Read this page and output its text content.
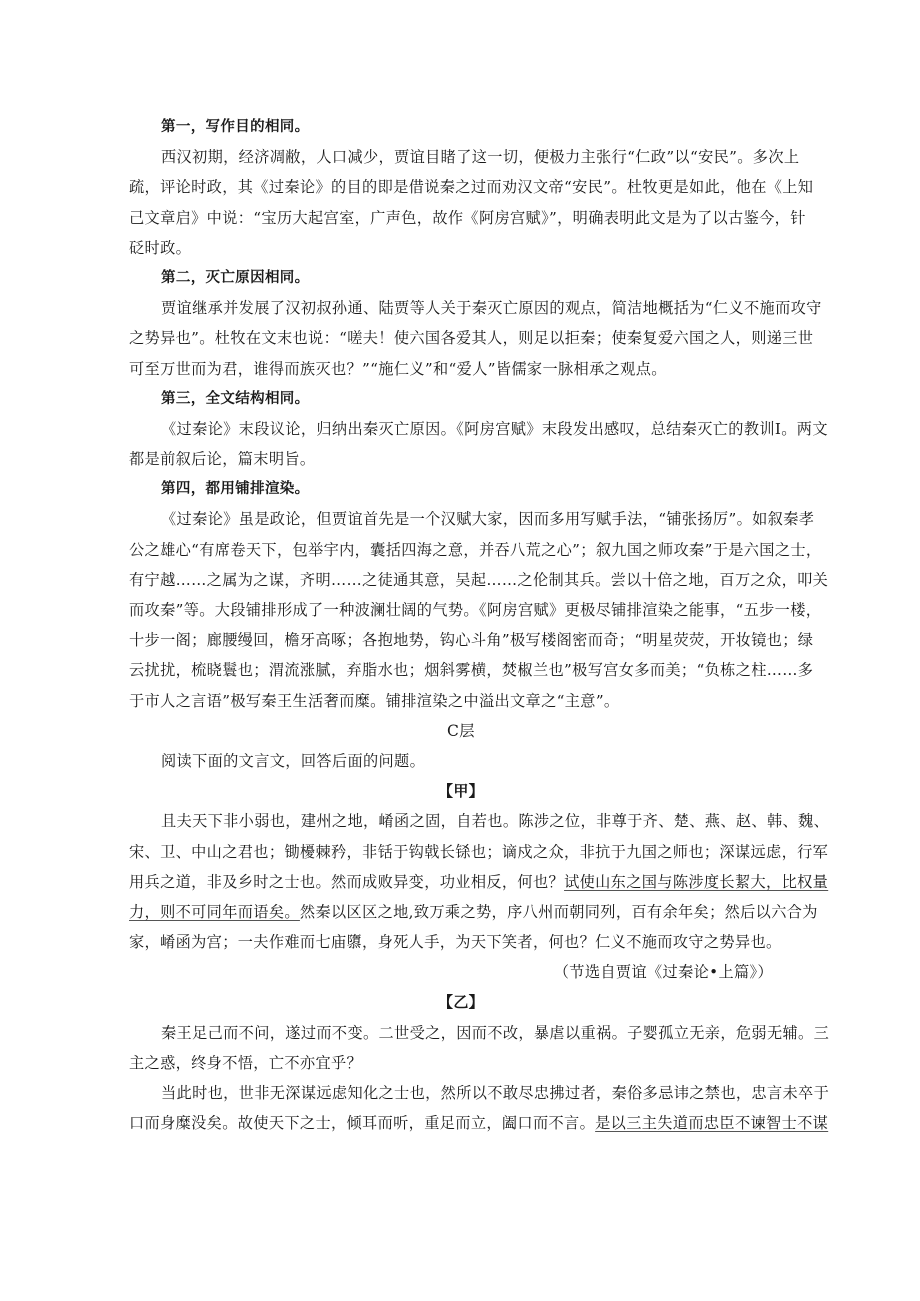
第一，写作目的相同。
西汉初期，经济凋敝，人口减少，贾谊目睹了这一切，便极力主张行“仁政”以“安民”。多次上
疏，评论时政，其《过秦论》的目的即是借说秦之过而劝汉文帝“安民”。杜牧更是如此，他在《上知
己文章启》中说：“宝历大起宫室，广声色，故作《阿房宫赋》”，明确表明此文是为了以古鉴今，针
砭时政。
第二，灭亡原因相同。
贾谊继承并发展了汉初叔孙通、陆贾等人关于秦灭亡原因的观点，简洁地概括为“仁义不施而攻守
之势异也”。杜牧在文末也说：“嗟夫！使六国各爱其人，则足以拒秦；使秦复爱六国之人，则递三世
可至万世而为君，谁得而族灭也？”“施仁义”和“爱人”皆儒家一脉相承之观点。
第三，全文结构相同。
《过秦论》末段议论，归纳出秦灭亡原因。《阿房宫赋》末段发出感叹，总结秦灭亡的教训Ⅰ。两文
都是前叙后论，篇末明旨。
第四，都用铺排渲染。
《过秦论》虽是政论，但贾谊首先是一个汉赋大家，因而多用写赋手法，“铺张扬厉”。如叙秦孝
公之雄心“有席卷天下，包举宇内，囊括四海之意，并吞八荒之心”；叙九国之师攻秦”于是六国之士，
有宁越……之属为之谋，齐明……之徒通其意，吴起……之伦制其兵。尝以十倍之地，百万之众，叩关
而攻秦”等。大段铺排形成了一种波澜壮阔的气势。《阿房宫赋》更极尽铺排渲染之能事，“五步一楼，
十步一阁；廊腰缦回，檐牙高啄；各抱地势，钩心斗角”极写楼阁密而奇；“明星荧荧，开妆镜也；绿
云扰扰，梳晓鬟也；渭流涨腻，弃脂水也；烟斜雾横，焚椒兰也”极写宫女多而美；“负栋之柱……多
于市人之言语”极写秦王生活奢而糜。铺排渲染之中溢出文章之“主意”。
C层
阅读下面的文言文，回答后面的问题。
【甲】
且夫天下非小弱也，建州之地，崤函之固，自若也。陈涉之位，非尊于齐、楚、燕、赵、韩、魏、
宋、卫、中山之君也；锄櫌棘矜，非铦于钩戟长铩也；谪戍之众，非抗于九国之师也；深谋远虑，行军
用兵之道，非及乡时之士也。然而成败异变，功业相反，何也？试使山东之国与陈涉度长絜大，比权量
力，则不可同年而语矣。然秦以区区之地,致万乘之势，序八州而朝同列，百有余年矣；然后以六合为
家，崤函为宫；一夫作难而七庙隳，身死人手，为天下笑者，何也？仁义不施而攻守之势异也。
（节选自贾谊《过秦论•上篇》）
【乙】
秦王足己而不问，遂过而不变。二世受之，因而不改，暴虐以重祸。子婴孤立无亲，危弱无辅。三
主之惑，终身不悟，亡不亦宜乎？
当此时也，世非无深谋远虑知化之士也，然所以不敢尽忠拂过者，秦俗多忌讳之禁也，忠言未卒于
口而身糜没矣。故使天下之士，倾耳而听，重足而立，阖口而不言。是以三主失道而忠臣不谏智士不谋
